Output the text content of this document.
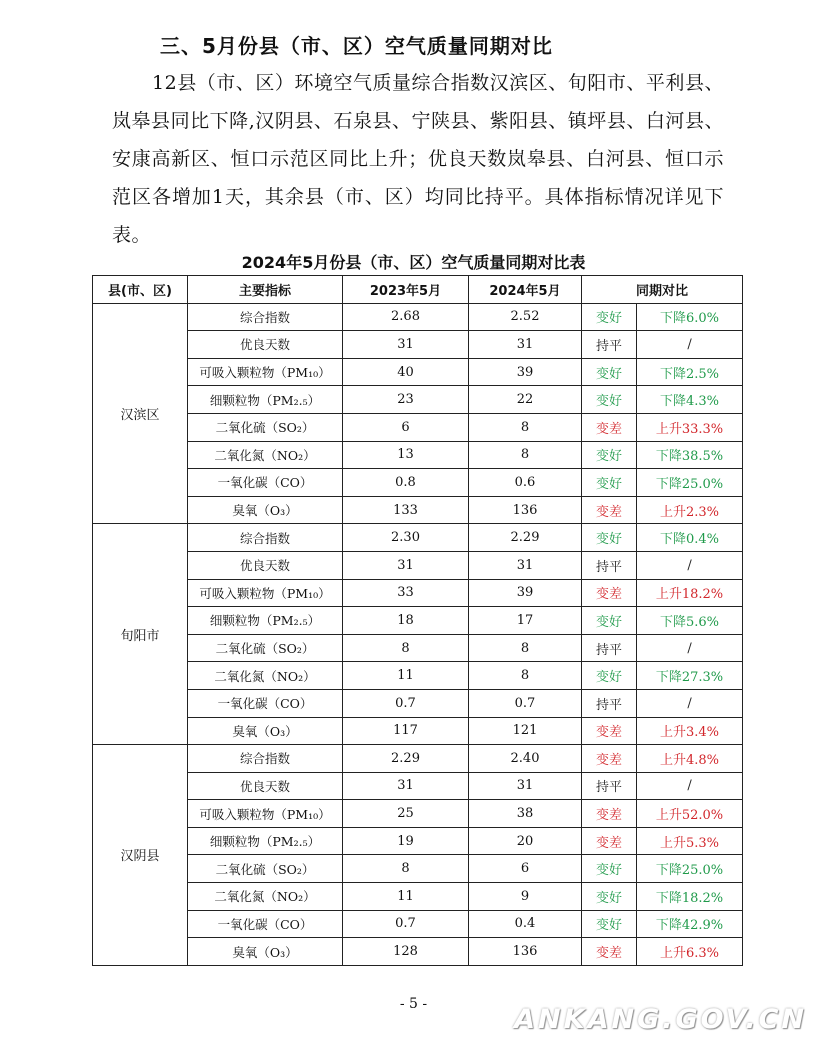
三、5月份县（市、区）空气质量同期对比
12县（市、区）环境空气质量综合指数汉滨区、旬阳市、平利县、岚皋县同比下降,汉阴县、石泉县、宁陕县、紫阳县、镇坪县、白河县、安康高新区、恒口示范区同比上升；优良天数岚皋县、白河县、恒口示范区各增加1天，其余县（市、区）均同比持平。具体指标情况详见下表。
2024年5月份县（市、区）空气质量同期对比表
县(市、区)	主要指标	2023年5月	2024年5月	同期对比	
汉滨区	综合指数	2.68	2.52	变好	下降6.0%
	优良天数	31	31	持平	/
	可吸入颗粒物（PM₁₀）	40	39	变好	下降2.5%
	细颗粒物（PM₂.₅）	23	22	变好	下降4.3%
	二氧化硫（SO₂）	6	8	变差	上升33.3%
	二氧化氮（NO₂）	13	8	变好	下降38.5%
	一氧化碳（CO）	0.8	0.6	变好	下降25.0%
	臭氧（O₃）	133	136	变差	上升2.3%
旬阳市	综合指数	2.30	2.29	变好	下降0.4%
	优良天数	31	31	持平	/
	可吸入颗粒物（PM₁₀）	33	39	变差	上升18.2%
	细颗粒物（PM₂.₅）	18	17	变好	下降5.6%
	二氧化硫（SO₂）	8	8	持平	/
	二氧化氮（NO₂）	11	8	变好	下降27.3%
	一氧化碳（CO）	0.7	0.7	持平	/
	臭氧（O₃）	117	121	变差	上升3.4%
汉阴县	综合指数	2.29	2.40	变差	上升4.8%
	优良天数	31	31	持平	/
	可吸入颗粒物（PM₁₀）	25	38	变差	上升52.0%
	细颗粒物（PM₂.₅）	19	20	变差	上升5.3%
	二氧化硫（SO₂）	8	6	变好	下降25.0%
	二氧化氮（NO₂）	11	9	变好	下降18.2%
	一氧化碳（CO）	0.7	0.4	变好	下降42.9%
	臭氧（O₃）	128	136	变差	上升6.3%
- 5 -	ANKANG.GOV.CN
